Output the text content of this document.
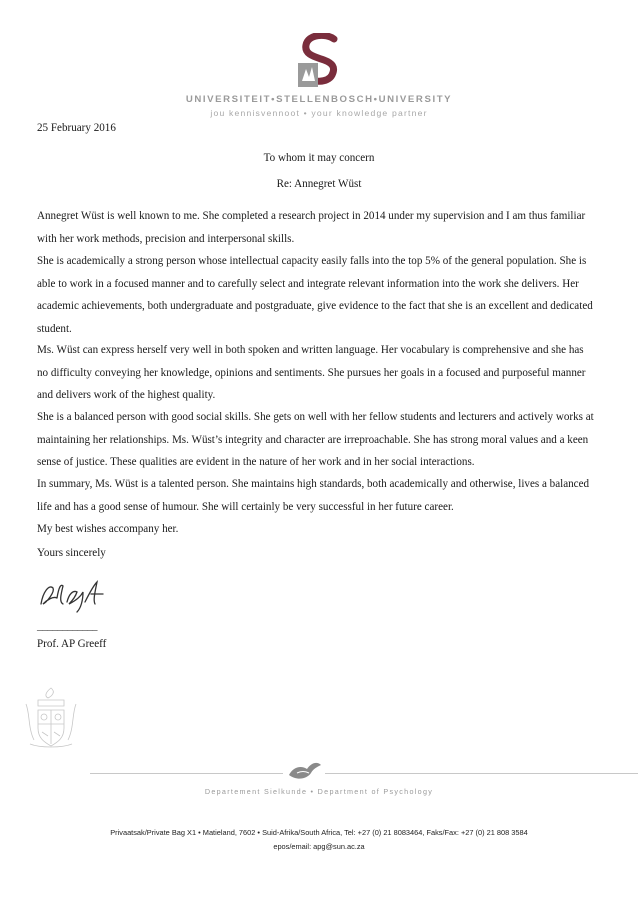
UNIVERSITEIT•STELLENBOSCH•UNIVERSITY
jou kennisvennoot • your knowledge partner
25 February 2016
To whom it may concern
Re: Annegret Wüst

Annegret Wüst is well known to me. She completed a research project in 2014 under my supervision and I am thus familiar with her work methods, precision and interpersonal skills.

She is academically a strong person whose intellectual capacity easily falls into the top 5% of the general population. She is able to work in a focused manner and to carefully select and integrate relevant information into the work she delivers. Her academic achievements, both undergraduate and postgraduate, give evidence to the fact that she is an excellent and dedicated student.

Ms. Wüst can express herself very well in both spoken and written language. Her vocabulary is comprehensive and she has no difficulty conveying her knowledge, opinions and sentiments. She pursues her goals in a focused and purposeful manner and delivers work of the highest quality.

She is a balanced person with good social skills. She gets on well with her fellow students and lecturers and actively works at maintaining her relationships. Ms. Wüst’s integrity and character are irreproachable. She has strong moral values and a keen sense of justice. These qualities are evident in the nature of her work and in her social interactions.

In summary, Ms. Wüst is a talented person. She maintains high standards, both academically and otherwise, lives a balanced life and has a good sense of humour. She will certainly be very successful in her future career.

My best wishes accompany her.

Yours sincerely

____________
Prof. AP Greeff
Departement Sielkunde • Department of Psychology
Privaatsak/Private Bag X1 • Matieland, 7602 • Suid-Afrika/South Africa, Tel: +27 (0) 21 8083464, Faks/Fax: +27 (0) 21 808 3584
epos/email: apg@sun.ac.za
